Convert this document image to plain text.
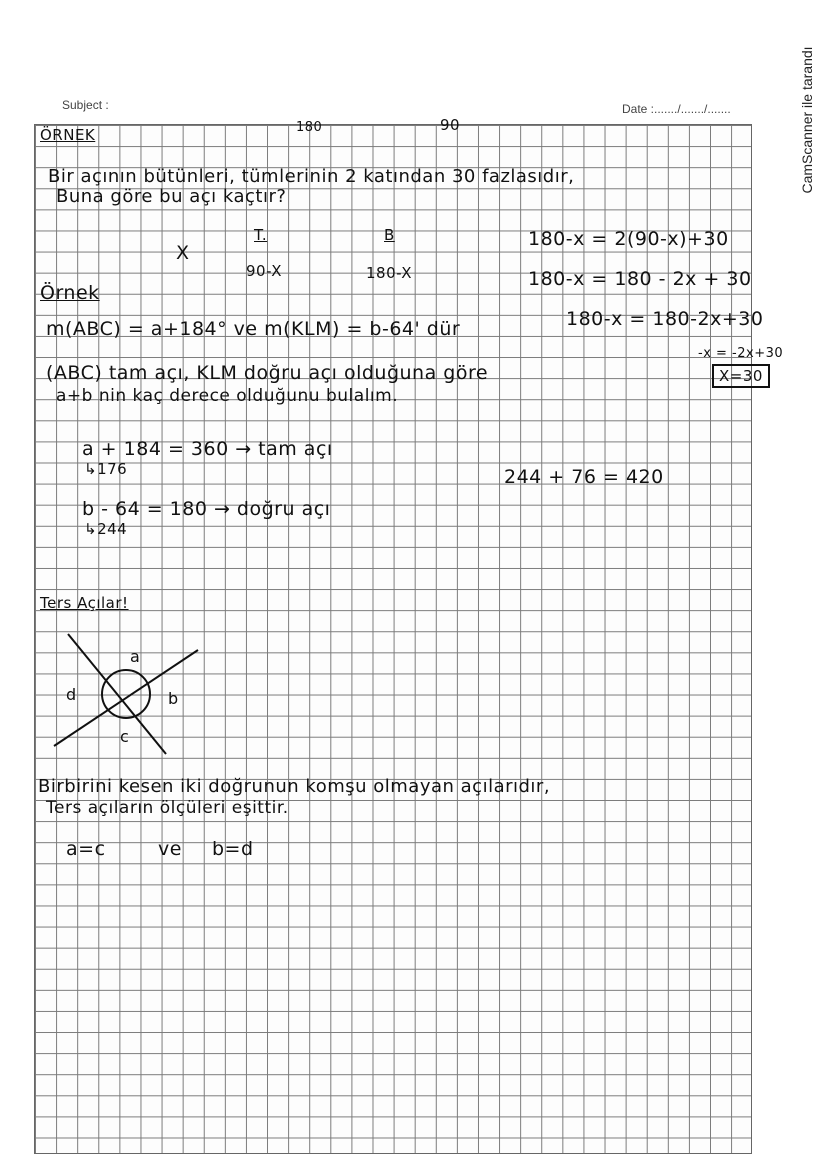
Subject :	Date :......./......./.......	CamScanner ile tarandı
ÖRNEK	180	90
Bir açının bütünleri, tümlerinin 2 katından 30 fazlasıdır,
Buna göre bu açı kaçtır?
X
T.	B
90-X	180-X
180-x = 2(90-x)+30
180-x = 180 - 2x + 30
180-x = 180-2x+30
-x = -2x+30
X=30
Örnek
m(ABC) = a+184° ve m(KLM) = b-64' dür
(ABC) tam açı, KLM doğru açı olduğuna göre
a+b nin kaç derece olduğunu bulalım.
a + 184 = 360 → tam açı
↳176	244 + 76 = 420
b - 64 = 180 → doğru açı
↳244
Ters Açılar!
a
b
c
d
Birbirini kesen iki doğrunun komşu olmayan açılarıdır,
Ters açıların ölçüleri eşittir.
a=c	ve b=d
